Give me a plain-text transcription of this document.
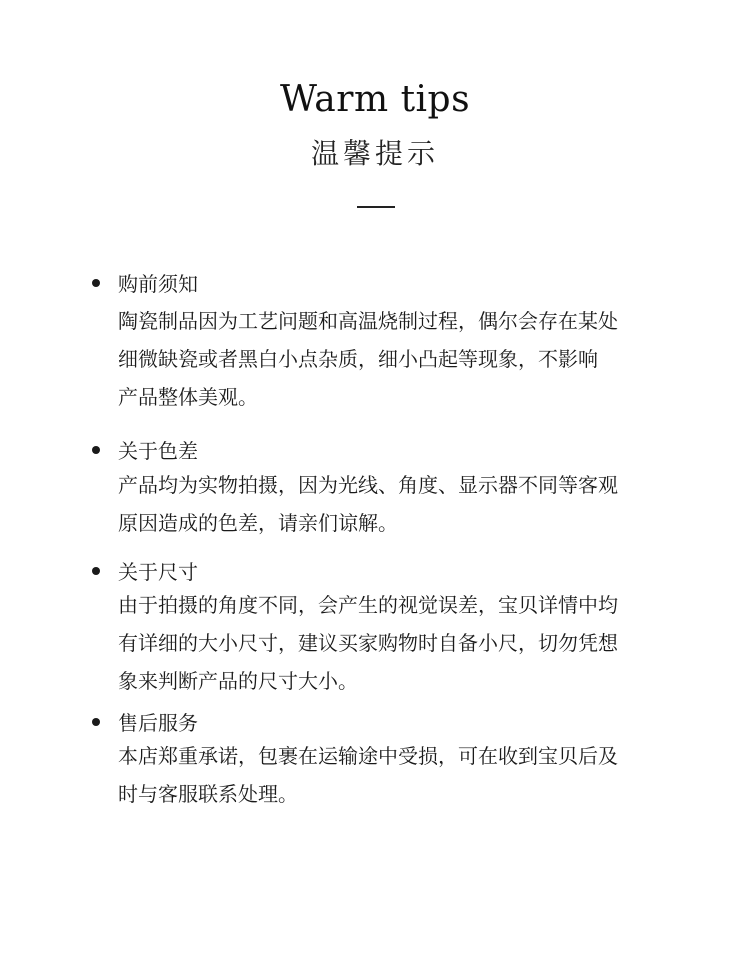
Warm tips
温馨提示
购前须知
陶瓷制品因为工艺问题和高温烧制过程，偶尔会存在某处
细微缺瓷或者黑白小点杂质，细小凸起等现象，不影响
产品整体美观。
关于色差
产品均为实物拍摄，因为光线、角度、显示器不同等客观
原因造成的色差，请亲们谅解。
关于尺寸
由于拍摄的角度不同，会产生的视觉误差，宝贝详情中均
有详细的大小尺寸，建议买家购物时自备小尺，切勿凭想
象来判断产品的尺寸大小。
售后服务
本店郑重承诺，包裹在运输途中受损，可在收到宝贝后及
时与客服联系处理。
